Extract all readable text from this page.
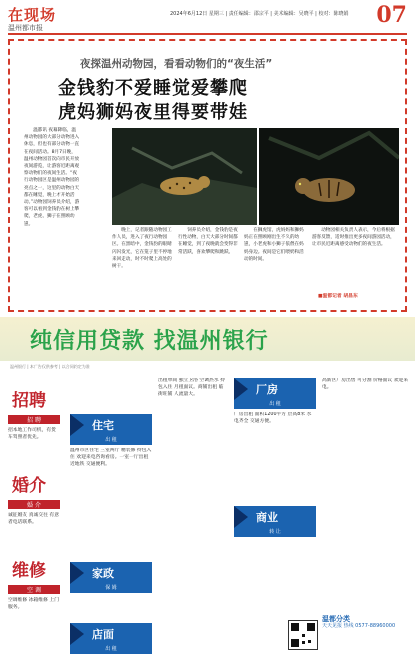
在现场
温州都市报
2024年6月12日 星期三 | 责任编辑：邵宗平 | 美术编辑：吴晓平 | 校对：陈晓娟 07
夜探温州动物园，看看动物们的“夜生活”
金钱豹不爱睡觉爱攀爬
虎妈狮妈夜里得要带娃
温都讯 夜幕降临，温州动物园的大部分动物进入休息，但也有部分动物一直在夜间活动。8月7日晚，温州动物园首次向市民开放夜间游览，让游客近距离观察动物们的夜间生活。“夜行动物园区是温州动物园的亮点之一，这里的动物白天都在睡觉，晚上才开始活动。”动物园饲养员介绍，游客可以看到金钱豹在树上攀爬，老虎、狮子在照顾幼崽。
晚上，记者跟随动物园工作人员，进入了夜行动物园区。在黑暗中，金钱豹的眼睛闪闪发光，它在笼子里不停地来回走动，时不时爬上高处的树干。
饲养员介绍，金钱豹是夜行性动物，白天大部分时间都在睡觉，到了夜晚就会变得非常活跃，喜欢攀爬和跳跃。
在狮虎馆，虎妈妈和狮妈妈正在照顾刚出生不久的幼崽，小老虎和小狮子依偎在妈妈身边。夜间是它们喂奶和活动的时间。
动物园相关负责人表示，今后将根据游客反馈，适时推出更多夜间游园活动，让市民近距离感受动物们的夜生活。
■温都记者 胡昌东
纯信用贷款 找温州银行
温州银行 | 本广告仅供参考 | 以合同约定为准
招聘
招 聘
招本地工作司机，有货车驾照者优先。
婚介
婚 介
诚征婚友 真诚交往 有意者电话联系。
维修
空 调
空调维修 冰箱维修 上门服务。
住宅
出 租
温州市区住宅 三室两厅 精装修 拎包入住 欢迎来电咨询看房。一室一厅出租 近地铁 交通便利。
家政
保 姆
店面
出 租
出租单间 独立卫浴 空调热水 拎包入住 月租面议。商铺出租 临街旺铺 人流量大。	厂房
出 租
厂房出租 面积1200平方 层高8米 水电齐全 交通方便。
商业
转 让
高新区厂房出售 可分割 价格面议 欢迎来电。
温都分类
天天见报 热线 0577-88960000
